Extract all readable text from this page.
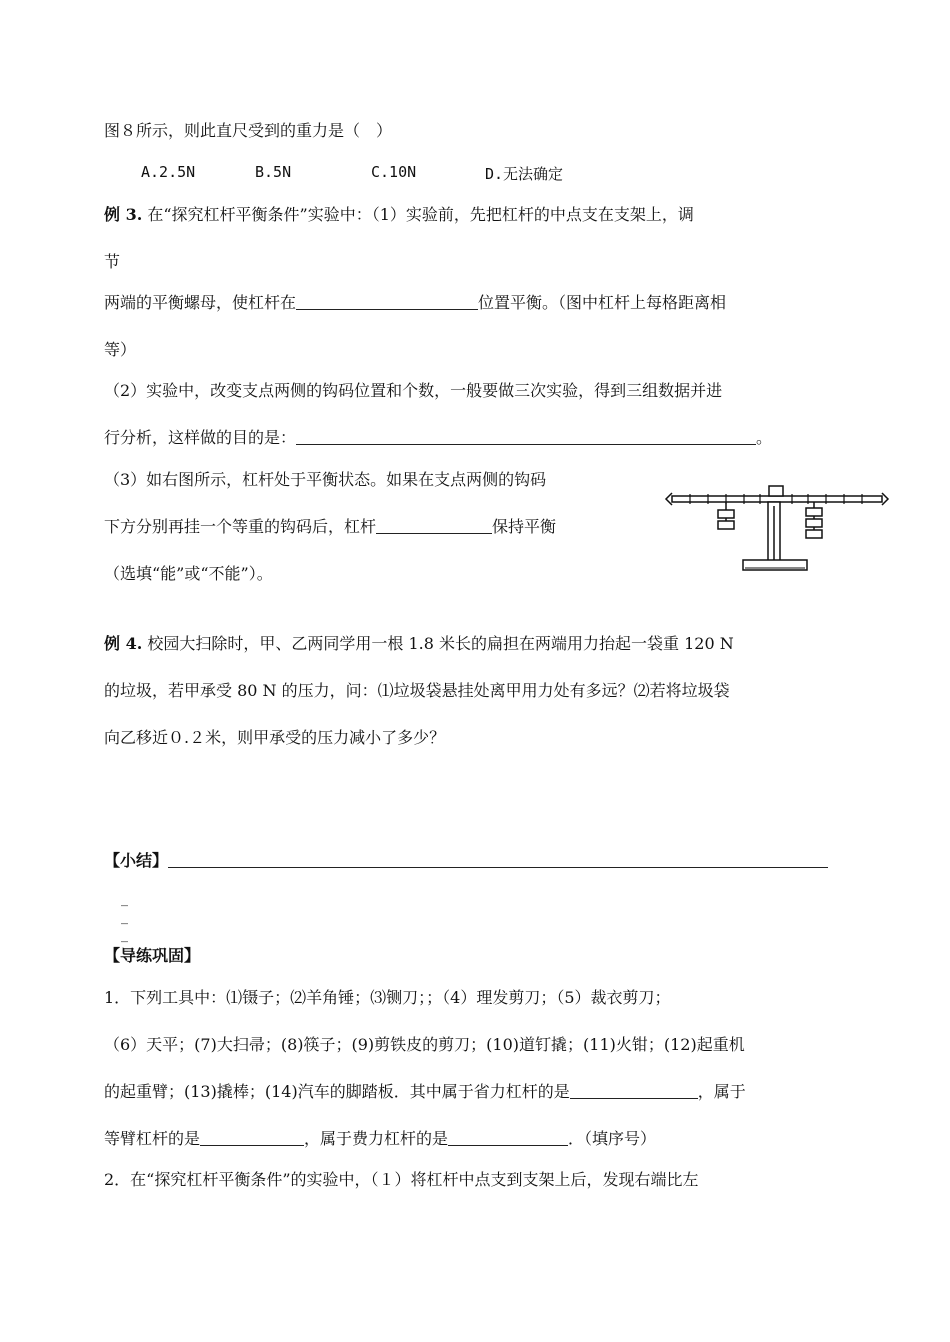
图８所示，则此直尺受到的重力是（　）
A.2.5N	B.5N	C.10N	D.无法确定
例 3. 在“探究杠杆平衡条件”实验中：（1）实验前，先把杠杆的中点支在支架上，调
节
两端的平衡螺母，使杠杆在	位置平衡。（图中杠杆上每格距离相
等）
（2）实验中，改变支点两侧的钩码位置和个数，一般要做三次实验，得到三组数据并进
行分析，这样做的目的是：	。
（3）如右图所示，杠杆处于平衡状态。如果在支点两侧的钩码
下方分别再挂一个等重的钩码后，杠杆	保持平衡
（选填“能”或“不能”）。
例 4. 校园大扫除时，甲、乙两同学用一根 1.8 米长的扁担在两端用力抬起一袋重 120 N
的垃圾，若甲承受 80 N 的压力，问：⑴垃圾袋悬挂处离甲用力处有多远？⑵若将垃圾袋
向乙移近０.２米，则甲承受的压力减小了多少？
【小结】
_
_
_
【导练巩固】
1．下列工具中：⑴镊子；⑵羊角锤；⑶铡刀；；（4）理发剪刀；（5）裁衣剪刀；
（6）天平；(7)大扫帚；(8)筷子；(9)剪铁皮的剪刀；(10)道钉撬；(11)火钳；(12)起重机
的起重臂；(13)撬棒；(14)汽车的脚踏板．其中属于省力杠杆的是	，属于
等臂杠杆的是	，属于费力杠杆的是	．（填序号）
2．在“探究杠杆平衡条件”的实验中，（１）将杠杆中点支到支架上后，发现右端比左
